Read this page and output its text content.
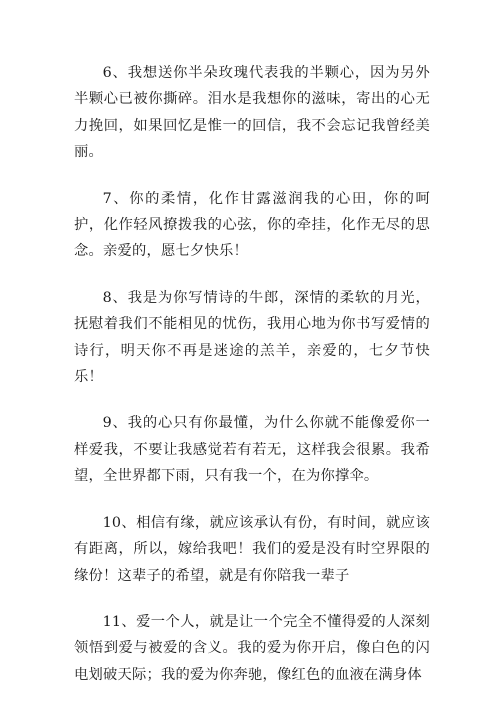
6、我想送你半朵玫瑰代表我的半颗心，因为另外半颗心已被你撕碎。泪水是我想你的滋味，寄出的心无力挽回，如果回忆是惟一的回信，我不会忘记我曾经美丽。

7、你的柔情，化作甘露滋润我的心田，你的呵护，化作轻风撩拨我的心弦，你的牵挂，化作无尽的思念。亲爱的，愿七夕快乐！

8、我是为你写情诗的牛郎，深情的柔软的月光，抚慰着我们不能相见的忧伤，我用心地为你书写爱情的诗行，明天你不再是迷途的羔羊，亲爱的，七夕节快乐！

9、我的心只有你最懂，为什么你就不能像爱你一样爱我，不要让我感觉若有若无，这样我会很累。我希望，全世界都下雨，只有我一个，在为你撑伞。

10、相信有缘，就应该承认有份，有时间，就应该有距离，所以，嫁给我吧！我们的爱是没有时空界限的缘份！这辈子的希望，就是有你陪我一辈子

11、爱一个人，就是让一个完全不懂得爱的人深刻领悟到爱与被爱的含义。我的爱为你开启，像白色的闪电划破天际；我的爱为你奔驰，像红色的血液在满身体
